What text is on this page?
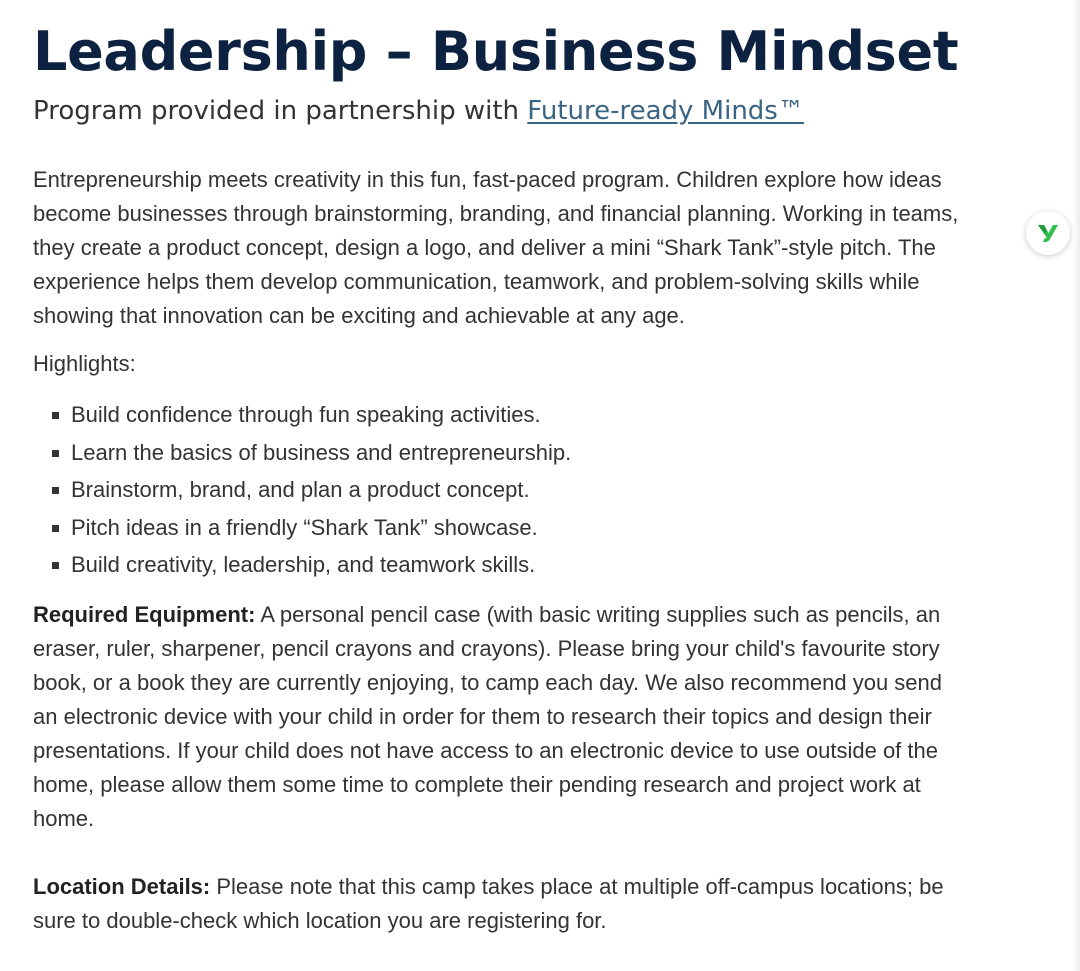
Leadership – Business Mindset

Program provided in partnership with Future-ready Minds™

Entrepreneurship meets creativity in this fun, fast-paced program. Children explore how ideas
become businesses through brainstorming, branding, and financial planning. Working in teams,
they create a product concept, design a logo, and deliver a mini “Shark Tank”-style pitch. The
experience helps them develop communication, teamwork, and problem-solving skills while
showing that innovation can be exciting and achievable at any age.

Highlights:

Build confidence through fun speaking activities.
Learn the basics of business and entrepreneurship.
Brainstorm, brand, and plan a product concept.
Pitch ideas in a friendly “Shark Tank” showcase.
Build creativity, leadership, and teamwork skills.

Required Equipment: A personal pencil case (with basic writing supplies such as pencils, an
eraser, ruler, sharpener, pencil crayons and crayons). Please bring your child's favourite story
book, or a book they are currently enjoying, to camp each day. We also recommend you send
an electronic device with your child in order for them to research their topics and design their
presentations. If your child does not have access to an electronic device to use outside of the
home, please allow them some time to complete their pending research and project work at
home.

Location Details: Please note that this camp takes place at multiple off-campus locations; be
sure to double-check which location you are registering for.
